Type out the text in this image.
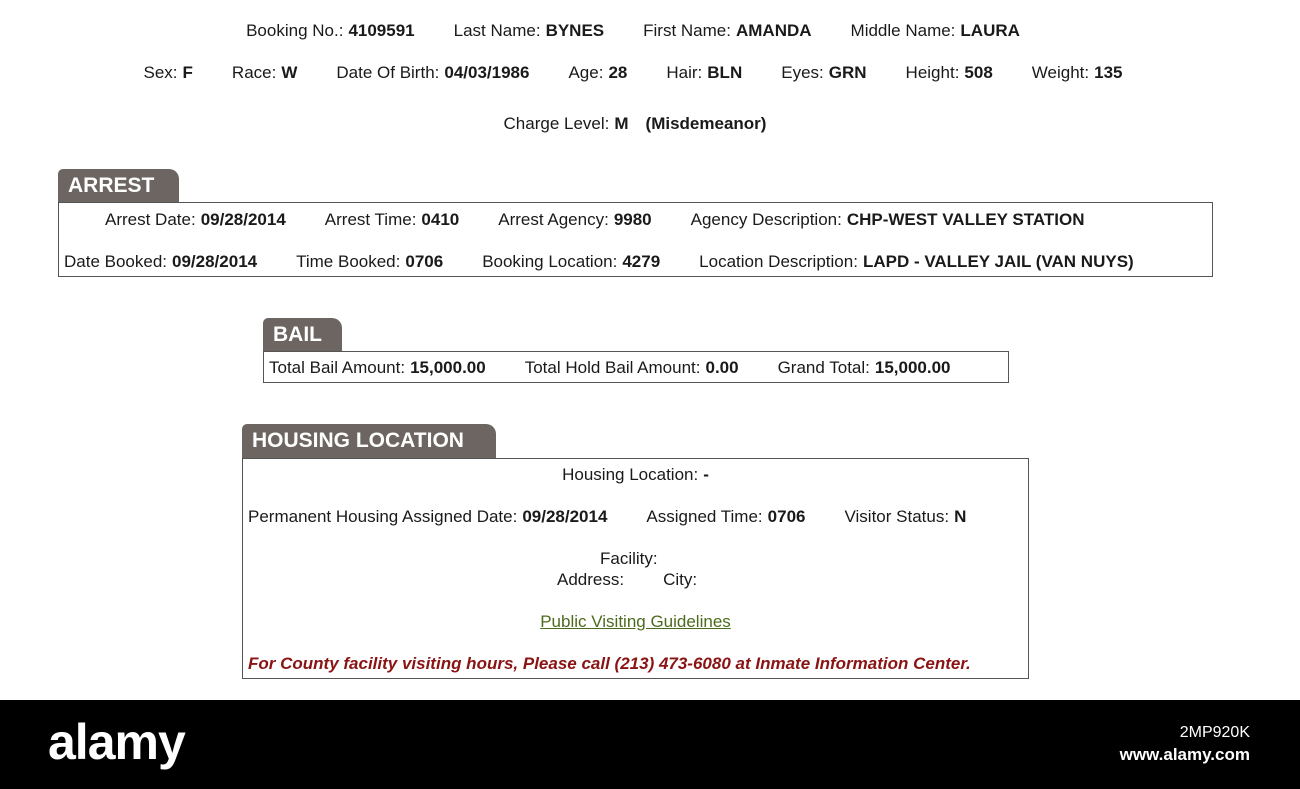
Booking No.: 4109591 Last Name: BYNES First Name: AMANDA Middle Name: LAURA
Sex: F Race: W Date Of Birth: 04/03/1986 Age: 28 Hair: BLN Eyes: GRN Height: 508 Weight: 135
Charge Level: M (Misdemeanor)
ARREST
Arrest Date: 09/28/2014 Arrest Time: 0410 Arrest Agency: 9980 Agency Description: CHP-WEST VALLEY STATION
Date Booked: 09/28/2014 Time Booked: 0706 Booking Location: 4279 Location Description: LAPD - VALLEY JAIL (VAN NUYS)
BAIL
Total Bail Amount: 15,000.00 Total Hold Bail Amount: 0.00 Grand Total: 15,000.00
HOUSING LOCATION
Housing Location: -
Permanent Housing Assigned Date: 09/28/2014 Assigned Time: 0706 Visitor Status: N
Facility:
Address: City:
Public Visiting Guidelines
For County facility visiting hours, Please call (213) 473-6080 at Inmate Information Center.
alamy	2MP920K
www.alamy.com
